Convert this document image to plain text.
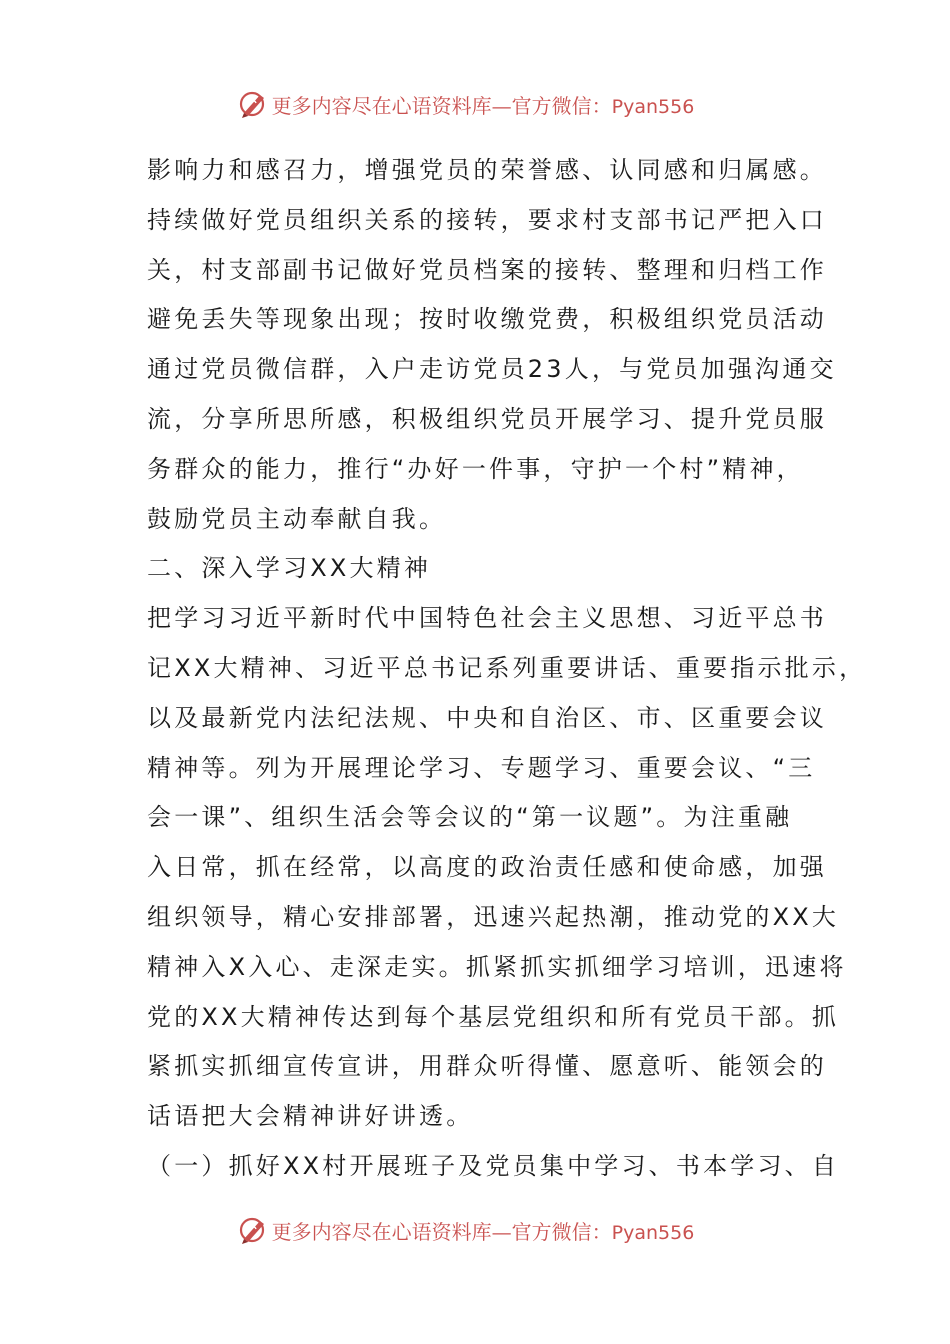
更多内容尽在心语资料库—官方微信：Pyan556
影响力和感召力，增强党员的荣誉感、认同感和归属感。
持续做好党员组织关系的接转，要求村支部书记严把入口
关，村支部副书记做好党员档案的接转、整理和归档工作
避免丢失等现象出现；按时收缴党费，积极组织党员活动
通过党员微信群，入户走访党员23人，与党员加强沟通交
流，分享所思所感，积极组织党员开展学习、提升党员服
务群众的能力，推行“办好一件事，守护一个村”精神，
鼓励党员主动奉献自我。
二、深入学习XX大精神
把学习习近平新时代中国特色社会主义思想、习近平总书
记XX大精神、习近平总书记系列重要讲话、重要指示批示，
以及最新党内法纪法规、中央和自治区、市、区重要会议
精神等。列为开展理论学习、专题学习、重要会议、“三
会一课”、组织生活会等会议的“第一议题”。为注重融
入日常，抓在经常，以高度的政治责任感和使命感，加强
组织领导，精心安排部署，迅速兴起热潮，推动党的XX大
精神入X入心、走深走实。抓紧抓实抓细学习培训，迅速将
党的XX大精神传达到每个基层党组织和所有党员干部。抓
紧抓实抓细宣传宣讲，用群众听得懂、愿意听、能领会的
话语把大会精神讲好讲透。
（一）抓好XX村开展班子及党员集中学习、书本学习、自
更多内容尽在心语资料库—官方微信：Pyan556
